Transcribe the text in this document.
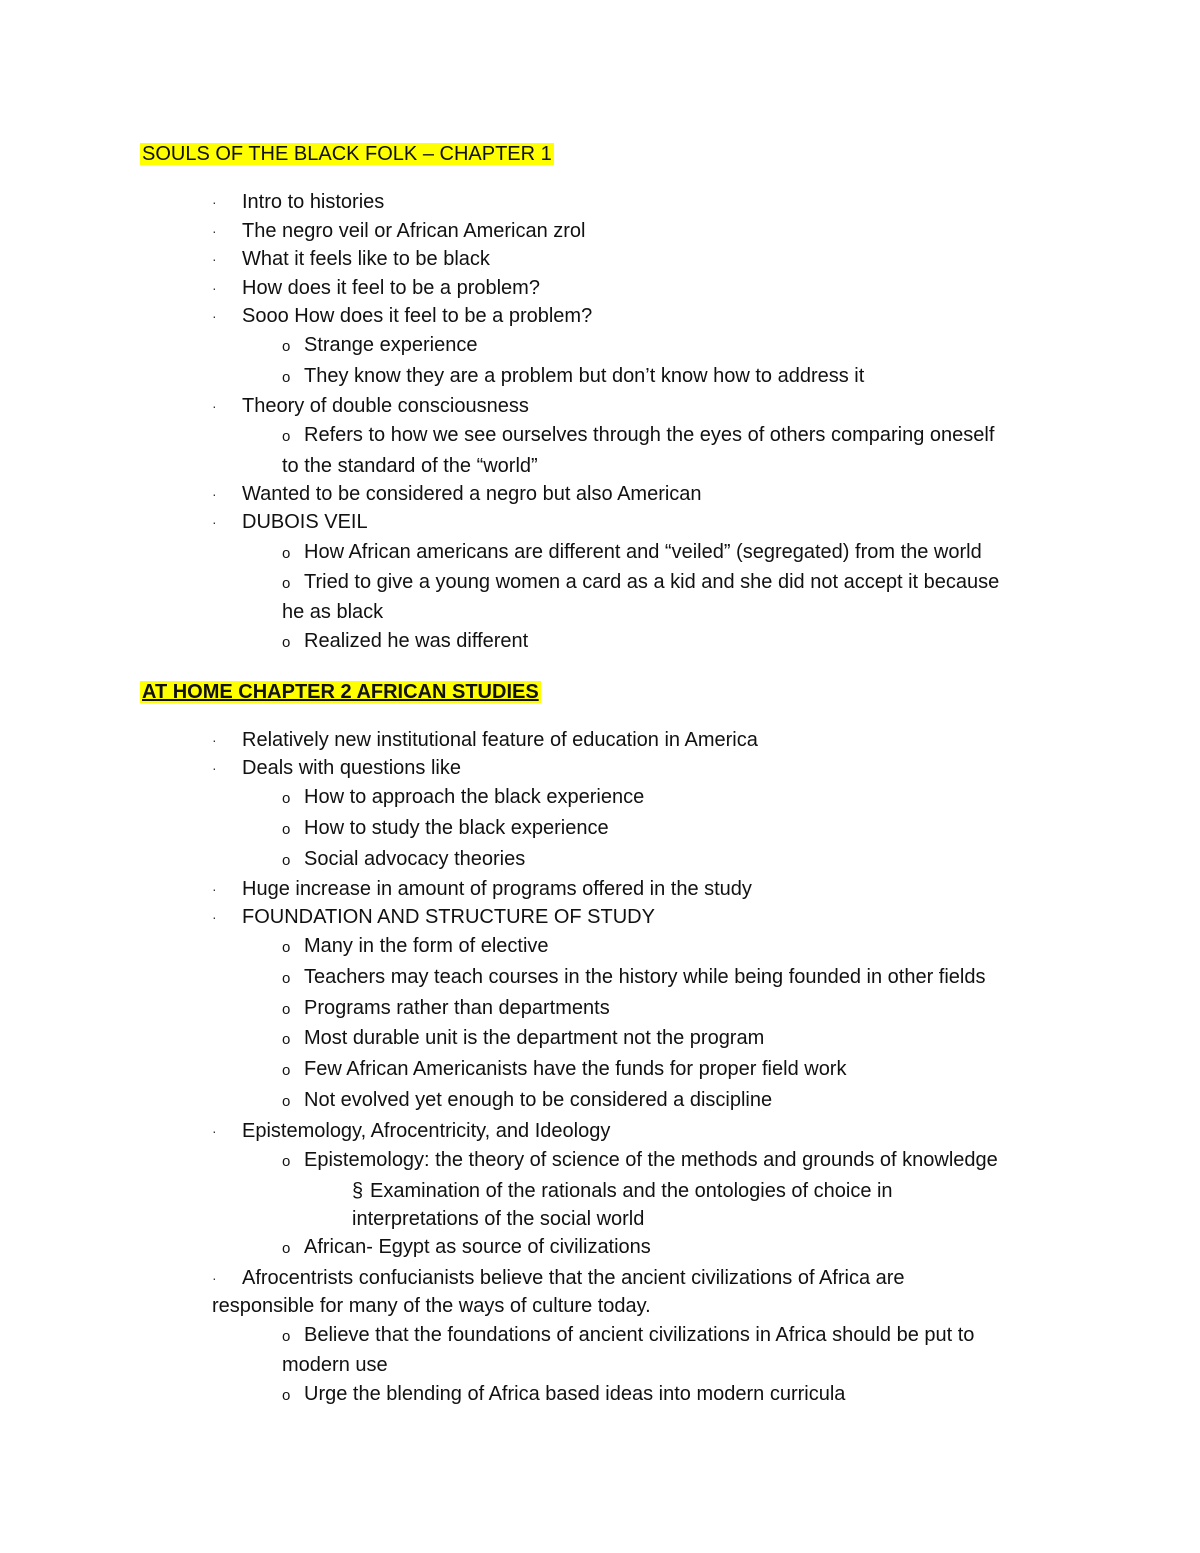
SOULS OF THE BLACK FOLK – CHAPTER 1
· Intro to histories
· The negro veil or African American zrol
· What it feels like to be black
· How does it feel to be a problem?
· Sooo How does it feel to be a problem?
o Strange experience
o They know they are a problem but don’t know how to address it
· Theory of double consciousness
o Refers to how we see ourselves through the eyes of others comparing oneself
to the standard of the “world”
· Wanted to be considered a negro but also American
· DUBOIS VEIL
o How African americans are different and “veiled” (segregated) from the world
o Tried to give a young women a card as a kid and she did not accept it because
he as black
o Realized he was different
AT HOME CHAPTER 2 AFRICAN STUDIES
· Relatively new institutional feature of education in America
· Deals with questions like
o How to approach the black experience
o How to study the black experience
o Social advocacy theories
· Huge increase in amount of programs offered in the study
· FOUNDATION AND STRUCTURE OF STUDY
o Many in the form of elective
o Teachers may teach courses in the history while being founded in other fields
o Programs rather than departments
o Most durable unit is the department not the program
o Few African Americanists have the funds for proper field work
o Not evolved yet enough to be considered a discipline
· Epistemology, Afrocentricity, and Ideology
o Epistemology: the theory of science of the methods and grounds of knowledge
§ Examination of the rationals and the ontologies of choice in
interpretations of the social world
o African- Egypt as source of civilizations
· Afrocentrists confucianists believe that the ancient civilizations of Africa are
responsible for many of the ways of culture today.
o Believe that the foundations of ancient civilizations in Africa should be put to
modern use
o Urge the blending of Africa based ideas into modern curricula
